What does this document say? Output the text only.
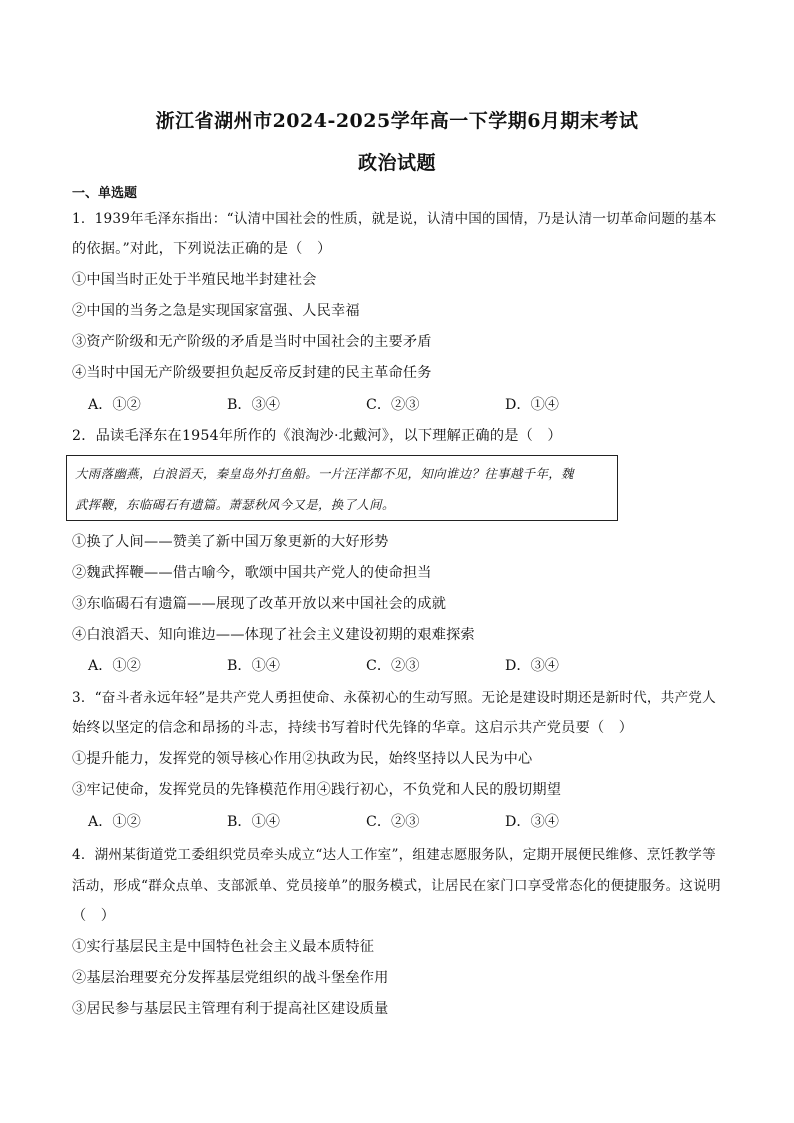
浙江省湖州市2024-2025学年高一下学期6月期末考试
政治试题
一、单选题
1．1939年毛泽东指出：“认清中国社会的性质，就是说，认清中国的国情，乃是认清一切革命问题的基本
的依据。”对此，下列说法正确的是（　）
①中国当时正处于半殖民地半封建社会
②中国的当务之急是实现国家富强、人民幸福
③资产阶级和无产阶级的矛盾是当时中国社会的主要矛盾
④当时中国无产阶级要担负起反帝反封建的民主革命任务
A．①②	B．③④	C．②③	D．①④
2．品读毛泽东在1954年所作的《浪淘沙·北戴河》，以下理解正确的是（　）
大雨落幽燕，白浪滔天，秦皇岛外打鱼船。一片汪洋都不见，知向谁边？往事越千年，魏
武挥鞭，东临碣石有遗篇。萧瑟秋风今又是，换了人间。
①换了人间——赞美了新中国万象更新的大好形势
②魏武挥鞭——借古喻今，歌颂中国共产党人的使命担当
③东临碣石有遗篇——展现了改革开放以来中国社会的成就
④白浪滔天、知向谁边——体现了社会主义建设初期的艰难探索
A．①②	B．①④	C．②③	D．③④
3．“奋斗者永远年轻”是共产党人勇担使命、永葆初心的生动写照。无论是建设时期还是新时代，共产党人
始终以坚定的信念和昂扬的斗志，持续书写着时代先锋的华章。这启示共产党员要（　）
①提升能力，发挥党的领导核心作用②执政为民，始终坚持以人民为中心
③牢记使命，发挥党员的先锋模范作用④践行初心，不负党和人民的殷切期望
A．①②	B．①④	C．②③	D．③④
4．湖州某街道党工委组织党员牵头成立“达人工作室”，组建志愿服务队，定期开展便民维修、烹饪教学等
活动，形成“群众点单、支部派单、党员接单”的服务模式，让居民在家门口享受常态化的便捷服务。这说明
（　）
①实行基层民主是中国特色社会主义最本质特征
②基层治理要充分发挥基层党组织的战斗堡垒作用
③居民参与基层民主管理有利于提高社区建设质量
